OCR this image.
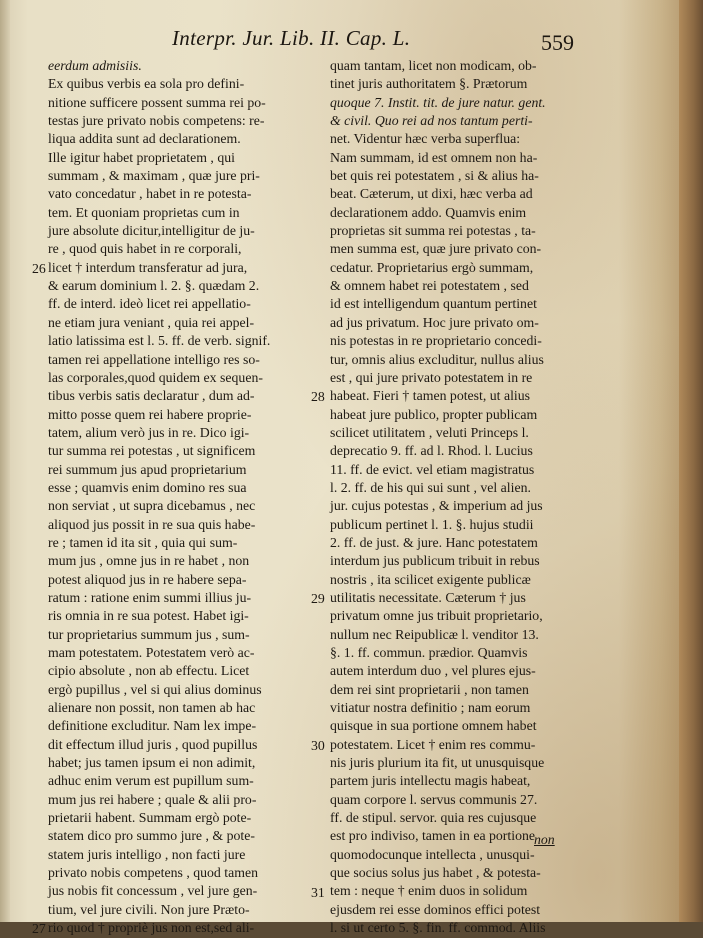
Interpr. Jur. Lib. II. Cap. L.	559
eerdum admisiis.
Ex quibus verbis ea sola pro defini-
nitione sufficere possent summa rei po-
testas jure privato nobis competens: re-
liqua addita sunt ad declarationem.
Ille igitur habet proprietatem , qui
summam , & maximam , quæ jure pri-
vato concedatur , habet in re potesta-
tem. Et quoniam proprietas cum in
jure absolute dicitur,intelligitur de ju-
re , quod quis habet in re corporali,
licet † interdum transferatur ad jura,
& earum dominium l. 2. §. quædam 2.
ff. de interd. ideò licet rei appellatio-
ne etiam jura veniant , quia rei appel-
latio latissima est l. 5. ff. de verb. signif.
tamen rei appellatione intelligo res so-
las corporales,quod quidem ex sequen-
tibus verbis satis declaratur , dum ad-
mitto posse quem rei habere proprie-
tatem, alium verò jus in re. Dico igi-
tur summa rei potestas , ut significem
rei summum jus apud proprietarium
esse ; quamvis enim domino res sua
non serviat , ut supra dicebamus , nec
aliquod jus possit in re sua quis habe-
re ; tamen id ita sit , quia qui sum-
mum jus , omne jus in re habet , non
potest aliquod jus in re habere sepa-
ratum : ratione enim summi illius ju-
ris omnia in re sua potest. Habet igi-
tur proprietarius summum jus , sum-
mam potestatem. Potestatem verò ac-
cipio absolute , non ab effectu. Licet
ergò pupillus , vel si qui alius dominus
alienare non possit, non tamen ab hac
definitione excluditur. Nam lex impe-
dit effectum illud juris , quod pupillus
habet; jus tamen ipsum ei non adimit,
adhuc enim verum est pupillum sum-
mum jus rei habere ; quale & alii pro-
prietarii habent. Summam ergò pote-
statem dico pro summo jure , & pote-
statem juris intelligo , non facti jure
privato nobis competens , quod tamen
jus nobis fit concessum , vel jure gen-
tium, vel jure civili. Non jure Præto-
rio quod † propriè jus non est,sed ali-
quam tantam, licet non modicam, ob-
tinet juris authoritatem §. Prætorum
quoque 7. Instit. tit. de jure natur. gent.
& civil. Quo rei ad nos tantum perti-
net. Videntur hæc verba superflua:
Nam summam, id est omnem non ha-
bet quis rei potestatem , si & alius ha-
beat. Cæterum, ut dixi, hæc verba ad
declarationem addo. Quamvis enim
proprietas sit summa rei potestas , ta-
men summa est, quæ jure privato con-
cedatur. Proprietarius ergò summam,
& omnem habet rei potestatem , sed
id est intelligendum quantum pertinet
ad jus privatum. Hoc jure privato om-
nis potestas in re proprietario concedi-
tur, omnis alius excluditur, nullus alius
est , qui jure privato potestatem in re
habeat. Fieri † tamen potest, ut alius
habeat jure publico, propter publicam
scilicet utilitatem , veluti Princeps l.
deprecatio 9. ff. ad l. Rhod. l. Lucius
11. ff. de evict. vel etiam magistratus
l. 2. ff. de his qui sui sunt , vel alien.
jur. cujus potestas , & imperium ad jus
publicum pertinet l. 1. §. hujus studii
2. ff. de just. & jure. Hanc potestatem
interdum jus publicum tribuit in rebus
nostris , ita scilicet exigente publicæ
utilitatis necessitate. Cæterum † jus
privatum omne jus tribuit proprietario,
nullum nec Reipublicæ l. venditor 13.
§. 1. ff. commun. prædior. Quamvis
autem interdum duo , vel plures ejus-
dem rei sint proprietarii , non tamen
vitiatur nostra definitio ; nam eorum
quisque in sua portione omnem habet
potestatem. Licet † enim res commu-
nis juris plurium ita fit, ut unusquisque
partem juris intellectu magis habeat,
quam corpore l. servus communis 27.
ff. de stipul. servor. quia res cujusque
est pro indiviso, tamen in ea portione
quomodocunque intellecta , unusqui-
que socius solus jus habet , & potesta-
tem : neque † enim duos in solidum
ejusdem rei esse dominos effici potest
l. si ut certo 5. §. fin. ff. commod. Aliis
26
27
28
29
30
31
non
